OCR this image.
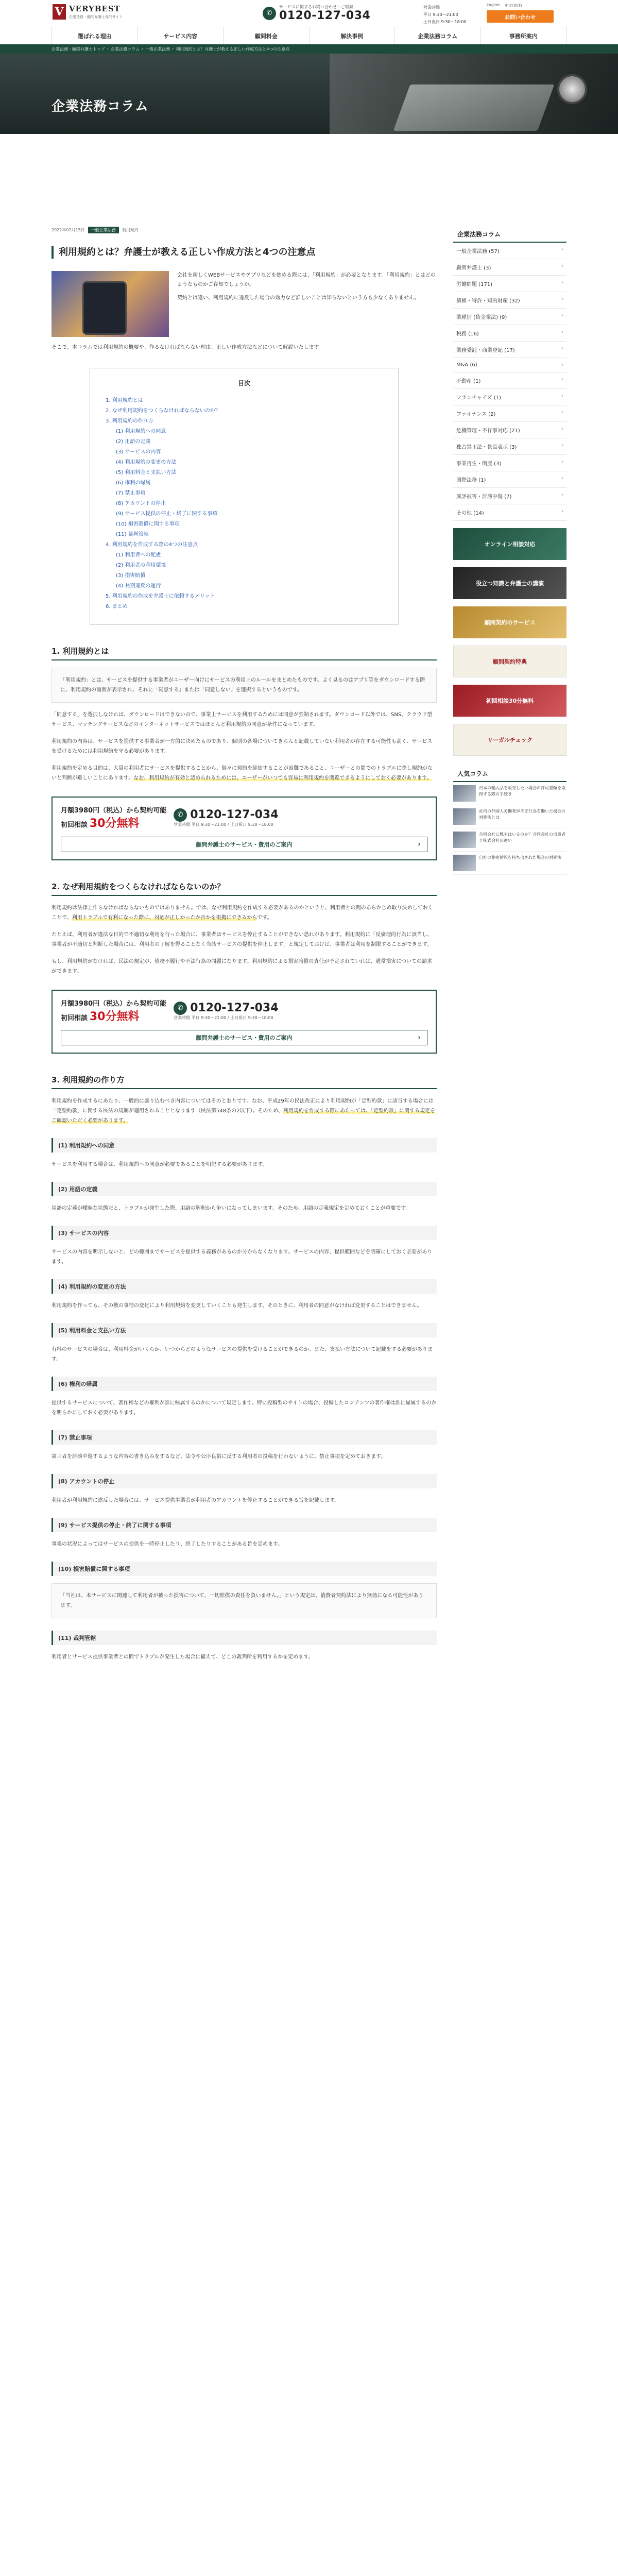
V VERYBEST
企業法務・顧問弁護士専門サイト	✆
サービスに関するお問い合わせ・ご相談
0120-127-034
営業時間
平日 9:30〜21:00
土日祝日 9:30〜18:00
English 中文(简体)
お問い合わせ
選ばれる理由	サービス内容	顧問料金	解決事例	企業法務コラム	事務所案内
企業法務・顧問弁護士トップ › 企業法務コラム › 一般企業法務 › 利用規約とは？弁護士が教える正しい作成方法と4つの注意点
企業法務コラム
2022年02月15日	一般企業法務	利用規約
利用規約とは？弁護士が教える正しい作成方法と4つの注意点

会社を新しくWEBサービスやアプリなどを始める際には、「利用規約」が必要となります。「利用規約」とはどのようなものかご存知でしょうか。

契約とは違い、利用規約に違反した場合の効力など詳しいことは知らないという方も少なくありません。

そこで、本コラムでは利用規約の概要や、作るなければならない理由、正しい作成方法などについて解説いたします。

目次
1. 利用規約とは
2. なぜ利用規約をつくらなければならないのか？
3. 利用規約の作り方
(1) 利用規約への同意
(2) 用語の定義
(3) サービスの内容
(4) 利用規約の変更の方法
(5) 利用料金と支払い方法
(6) 権利の帰属
(7) 禁止事項
(8) アカウントの停止
(9) サービス提供の停止・終了に関する事項
(10) 損害賠償に関する事項
(11) 裁判管轄
4. 利用規約を作成する際の4つの注意点
(1) 利用者への配慮
(2) 利用者の利用環境
(3) 損害賠償
(4) 長期違反の運行
5. 利用規約の作成を弁護士に依頼するメリット
6. まとめ
1. 利用規約とは
「利用規約」とは、サービスを提供する事業者がユーザー向けにサービスの利用上のルールをまとめたものです。よく見るのはアプリ等をダウンロードする際に、利用規約の画面が表示され、それに「同意する」または「同意しない」を選択するというものです。

「同意する」を選択しなければ、ダウンロードはできないので、事業上サービスを利用するためには同意が強制されます。ダウンロード以外では、SNS、クラウド型サービス、マッチングサービスなどのインターネットサービスではほとんど利用規約の同意が条件になっています。

利用規約の内容は、サービスを提供する事業者が一方的に決めたものであり、個別の各場についてきちんと記載していない利用者が存在する可能性も高く、サービスを受けるためには利用規約を守る必要があります。

利用規約を定める目的は、大量の利用者にサービスを提供することから、個々に契約を締結することが困難であること、ユーザーとの間でのトラブルに際し規約がないと判断が難しいことにあります。なお、利用規約が有効と認められるためには、ユーザーがいつでも容易に利用規約を閲覧できるようにしておく必要があります。

月額3980円（税込）から契約可能
初回相談 30分無料
✆ 0120-127-034
営業時間 平日 9:30〜21:00 / 土日祝日 9:30〜18:00
顧問弁護士のサービス・費用のご案内 ›
2. なぜ利用規約をつくらなければならないのか？

利用規約は法律上作らなければならないものではありません。では、なぜ利用規約を作成する必要があるのかというと、利用者との間のあらかじめ取り決めしておくことで、利用トラブルで有利になった際に、対応が正しかったか否かを根拠にできるからです。

たとえば、利用者が違法な目的で不適切な利用を行った場合に、事業者はサービスを停止することができない恐れがあります。利用規約に「反倫理的行為に該当し、事業者が不適切と判断した場合には、利用者の了解を得ることなく当該サービスの提供を停止します」と規定しておけば、事業者は利用を制限することができます。

もし、利用規約がなければ、民法の規定が、債務不履行や不法行為の問題になります。利用規約による損害賠償の責任が予定されていれば、通常損害についての請求ができます。

月額3980円（税込）から契約可能
初回相談 30分無料
✆ 0120-127-034
営業時間 平日 9:30〜21:00 / 土日祝日 9:30〜18:00
顧問弁護士のサービス・費用のご案内 ›
3. 利用規約の作り方

利用規約を作成するにあたり、一般的に盛り込むべき内容についてはそのとおりです。なお、平成29年の民法改正により利用規約が「定型約款」に該当する場合には「定型約款」に関する民法の規制が適用されることとなります（民法第548条の2以下）。そのため、利用規約を作成する際にあたっては、「定型約款」に関する規定をご確認いただく必要があります。

(1) 利用規約への同意

サービスを利用する場合は、利用規約への同意が必要であることを明記する必要があります。

(2) 用語の定義

用語の定義が曖昧な状態だと、トラブルが発生した際、用語の解釈から争いになってしまいます。そのため、用語の定義規定を定めておくことが重要です。

(3) サービスの内容

サービスの内容を明示しないと、どの範囲までサービスを提供する義務があるのか分からなくなります。サービスの内容、提供範囲などを明確にしておく必要があります。

(4) 利用規約の変更の方法

利用規約を作っても、その後の事情の変化により利用規約を変更していくことも発生します。そのときに、利用者の同意がなければ変更することはできません。

(5) 利用料金と支払い方法

有料のサービスの場合は、利用料金がいくらか、いつからどのようなサービスの提供を受けることができるのか、また、支払い方法について記載をする必要があります。

(6) 権利の帰属

提供するサービスについて、著作権などの権利が誰に帰属するのかについて規定します。特に投稿型のサイトの場合、投稿したコンテンツの著作権は誰に帰属するのかを明らかにしておく必要があります。

(7) 禁止事項

第三者を誹謗中傷するような内容の書き込みをするなど、法令や公序良俗に反する利用者の投稿を行わないように、禁止事項を定めておきます。

(8) アカウントの停止

利用者が利用規約に違反した場合には、サービス提供事業者が利用者のアカウントを停止することができる旨を記載します。

(9) サービス提供の停止・終了に関する事項

事業の状況によってはサービスの提供を一時停止したり、終了したりすることがある旨を定めます。

(10) 損害賠償に関する事項
「当社は、本サービスに関連して利用者が被った損害について、一切賠償の責任を負いません。」という規定は、消費者契約法により無効になる可能性があります。
(11) 裁判管轄

利用者とサービス提供事業者との間でトラブルが発生した場合に備えて、どこの裁判所を利用するかを定めます。

企業法務コラム
一般企業法務 (57) ›
顧問弁護士 (3) ›
労働問題 (171) ›
債権・特許・知的財産 (32) ›
業種別 (貸金業法) (9) ›
税務 (16) ›
業務委託・商業登記 (17) ›
M&A (6) ›
不動産 (1) ›
フランチャイズ (1) ›
ファイナンス (2) ›
危機管理・不祥事対応 (21) ›
独占禁止法・景品表示 (3) ›
事業再生・倒産 (3) ›
国際法務 (1) ›
風評被害・誹謗中傷 (7) ›
その他 (14) ›
オンライン相談対応
役立つ知識と弁護士の講演
顧問契約のサービス
顧問契約特典
初回相談30分無料
リーガルチェック
人気コラム
日本の輸入品を販売したい場合の許可書類を取得する際の手続き
社内の外国人労働者が不正行為を働いた場合の対処法とは
合同会社に株主はいるのか？合同会社の出資者と株式会社の違い
自社の秘密情報を持ち出された場合の対処法
